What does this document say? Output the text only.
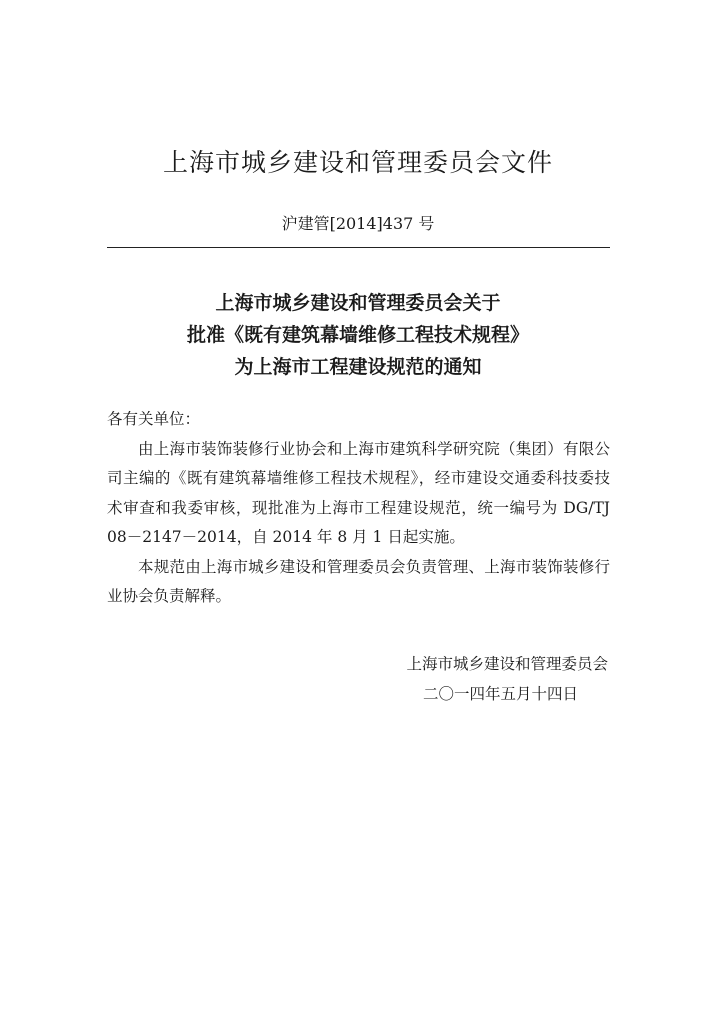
上海市城乡建设和管理委员会文件
沪建管[2014]437 号
上海市城乡建设和管理委员会关于
批准《既有建筑幕墙维修工程技术规程》
为上海市工程建设规范的通知

各有关单位：

由上海市装饰装修行业协会和上海市建筑科学研究院（集团）有限公司主编的《既有建筑幕墙维修工程技术规程》，经市建设交通委科技委技术审查和我委审核，现批准为上海市工程建设规范，统一编号为 DG/TJ 08－2147－2014，自 2014 年 8 月 1 日起实施。

本规范由上海市城乡建设和管理委员会负责管理、上海市装饰装修行业协会负责解释。

上海市城乡建设和管理委员会
二〇一四年五月十四日
